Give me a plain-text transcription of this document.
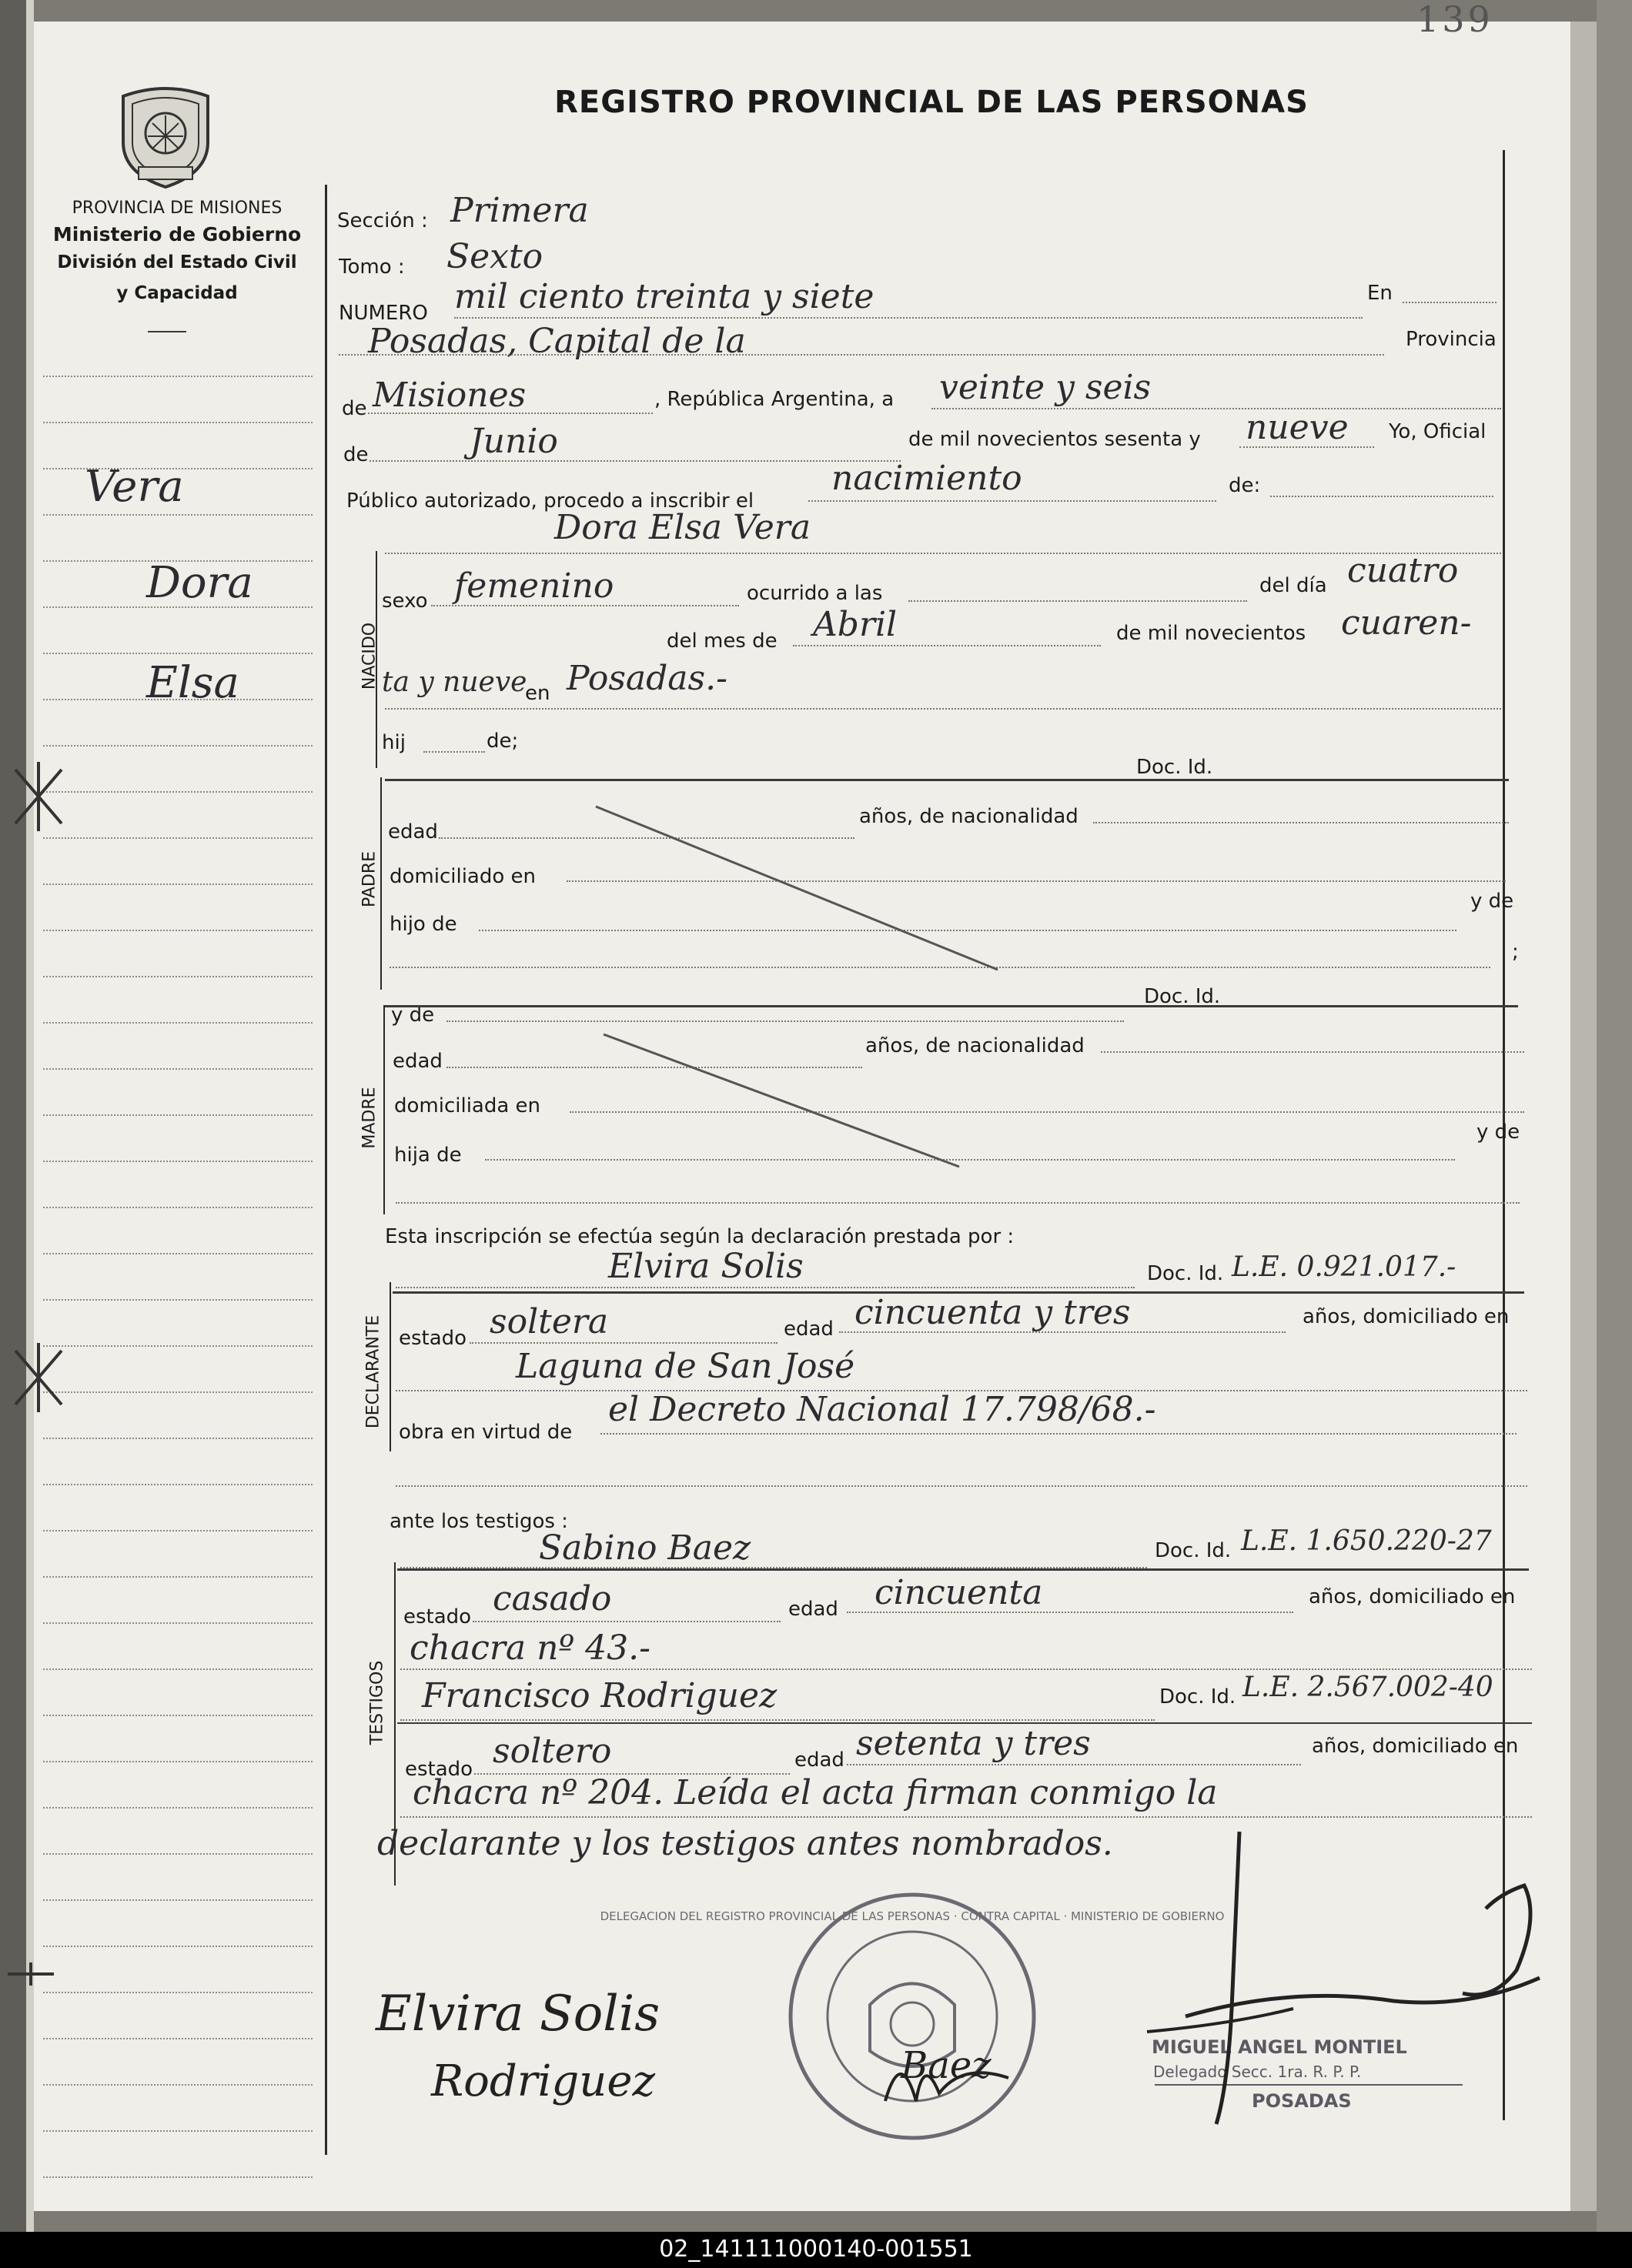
139
PROVINCIA DE MISIONES
Ministerio de Gobierno
División del Estado Civil
y Capacidad
REGISTRO PROVINCIAL DE LAS PERSONAS
Vera
Dora
Elsa
Sección : Primera
Tomo : Sexto
NUMERO mil ciento treinta y siete	En
Posadas, Capital de la	Provincia
de Misiones	, República Argentina, a veinte y seis
de	Junio	de mil novecientos sesenta y nueve Yo, Oficial
Público autorizado, procedo a inscribir el
nacimiento	de:
NACIDO
Dora Elsa Vera
sexo femenino	ocurrido a las	del día cuatro
del mes de Abril	de mil novecientos cuaren-
ta y nueve
en Posadas.-
hij	de;
Doc. Id.
PADRE
edad
años, de nacionalidad
domiciliado en
hijo de
y de
;
y de
Doc. Id.
MADRE
edad
años, de nacionalidad
domiciliada en
hija de
y de
Esta inscripción se efectúa según la declaración prestada por :
DECLARANTE
Elvira Solis	Doc. Id. L.E. 0.921.017.-
estado soltera	edad cincuenta y tres	años, domiciliado en
Laguna de San José
obra en virtud de
el Decreto Nacional 17.798/68.-
ante los testigos :
TESTIGOS
Sabino Baez	Doc. Id. L.E. 1.650.220-27
estado casado	edad cincuenta	años, domiciliado en
chacra nº 43.-
Francisco Rodriguez	Doc. Id. L.E. 2.567.002-40
estado soltero	edad setenta y tres	años, domiciliado en
chacra nº 204. Leída el acta firman conmigo la
declarante y los testigos antes nombrados.
DELEGACION DEL REGISTRO PROVINCIAL DE LAS PERSONAS · CONTRA CAPITAL · MINISTERIO DE GOBIERNO
MIGUEL ANGEL MONTIEL
Delegado Secc. 1ra. R. P. P.
POSADAS
Elvira Solis
Rodriguez	Baez
02_141111000140-001551
